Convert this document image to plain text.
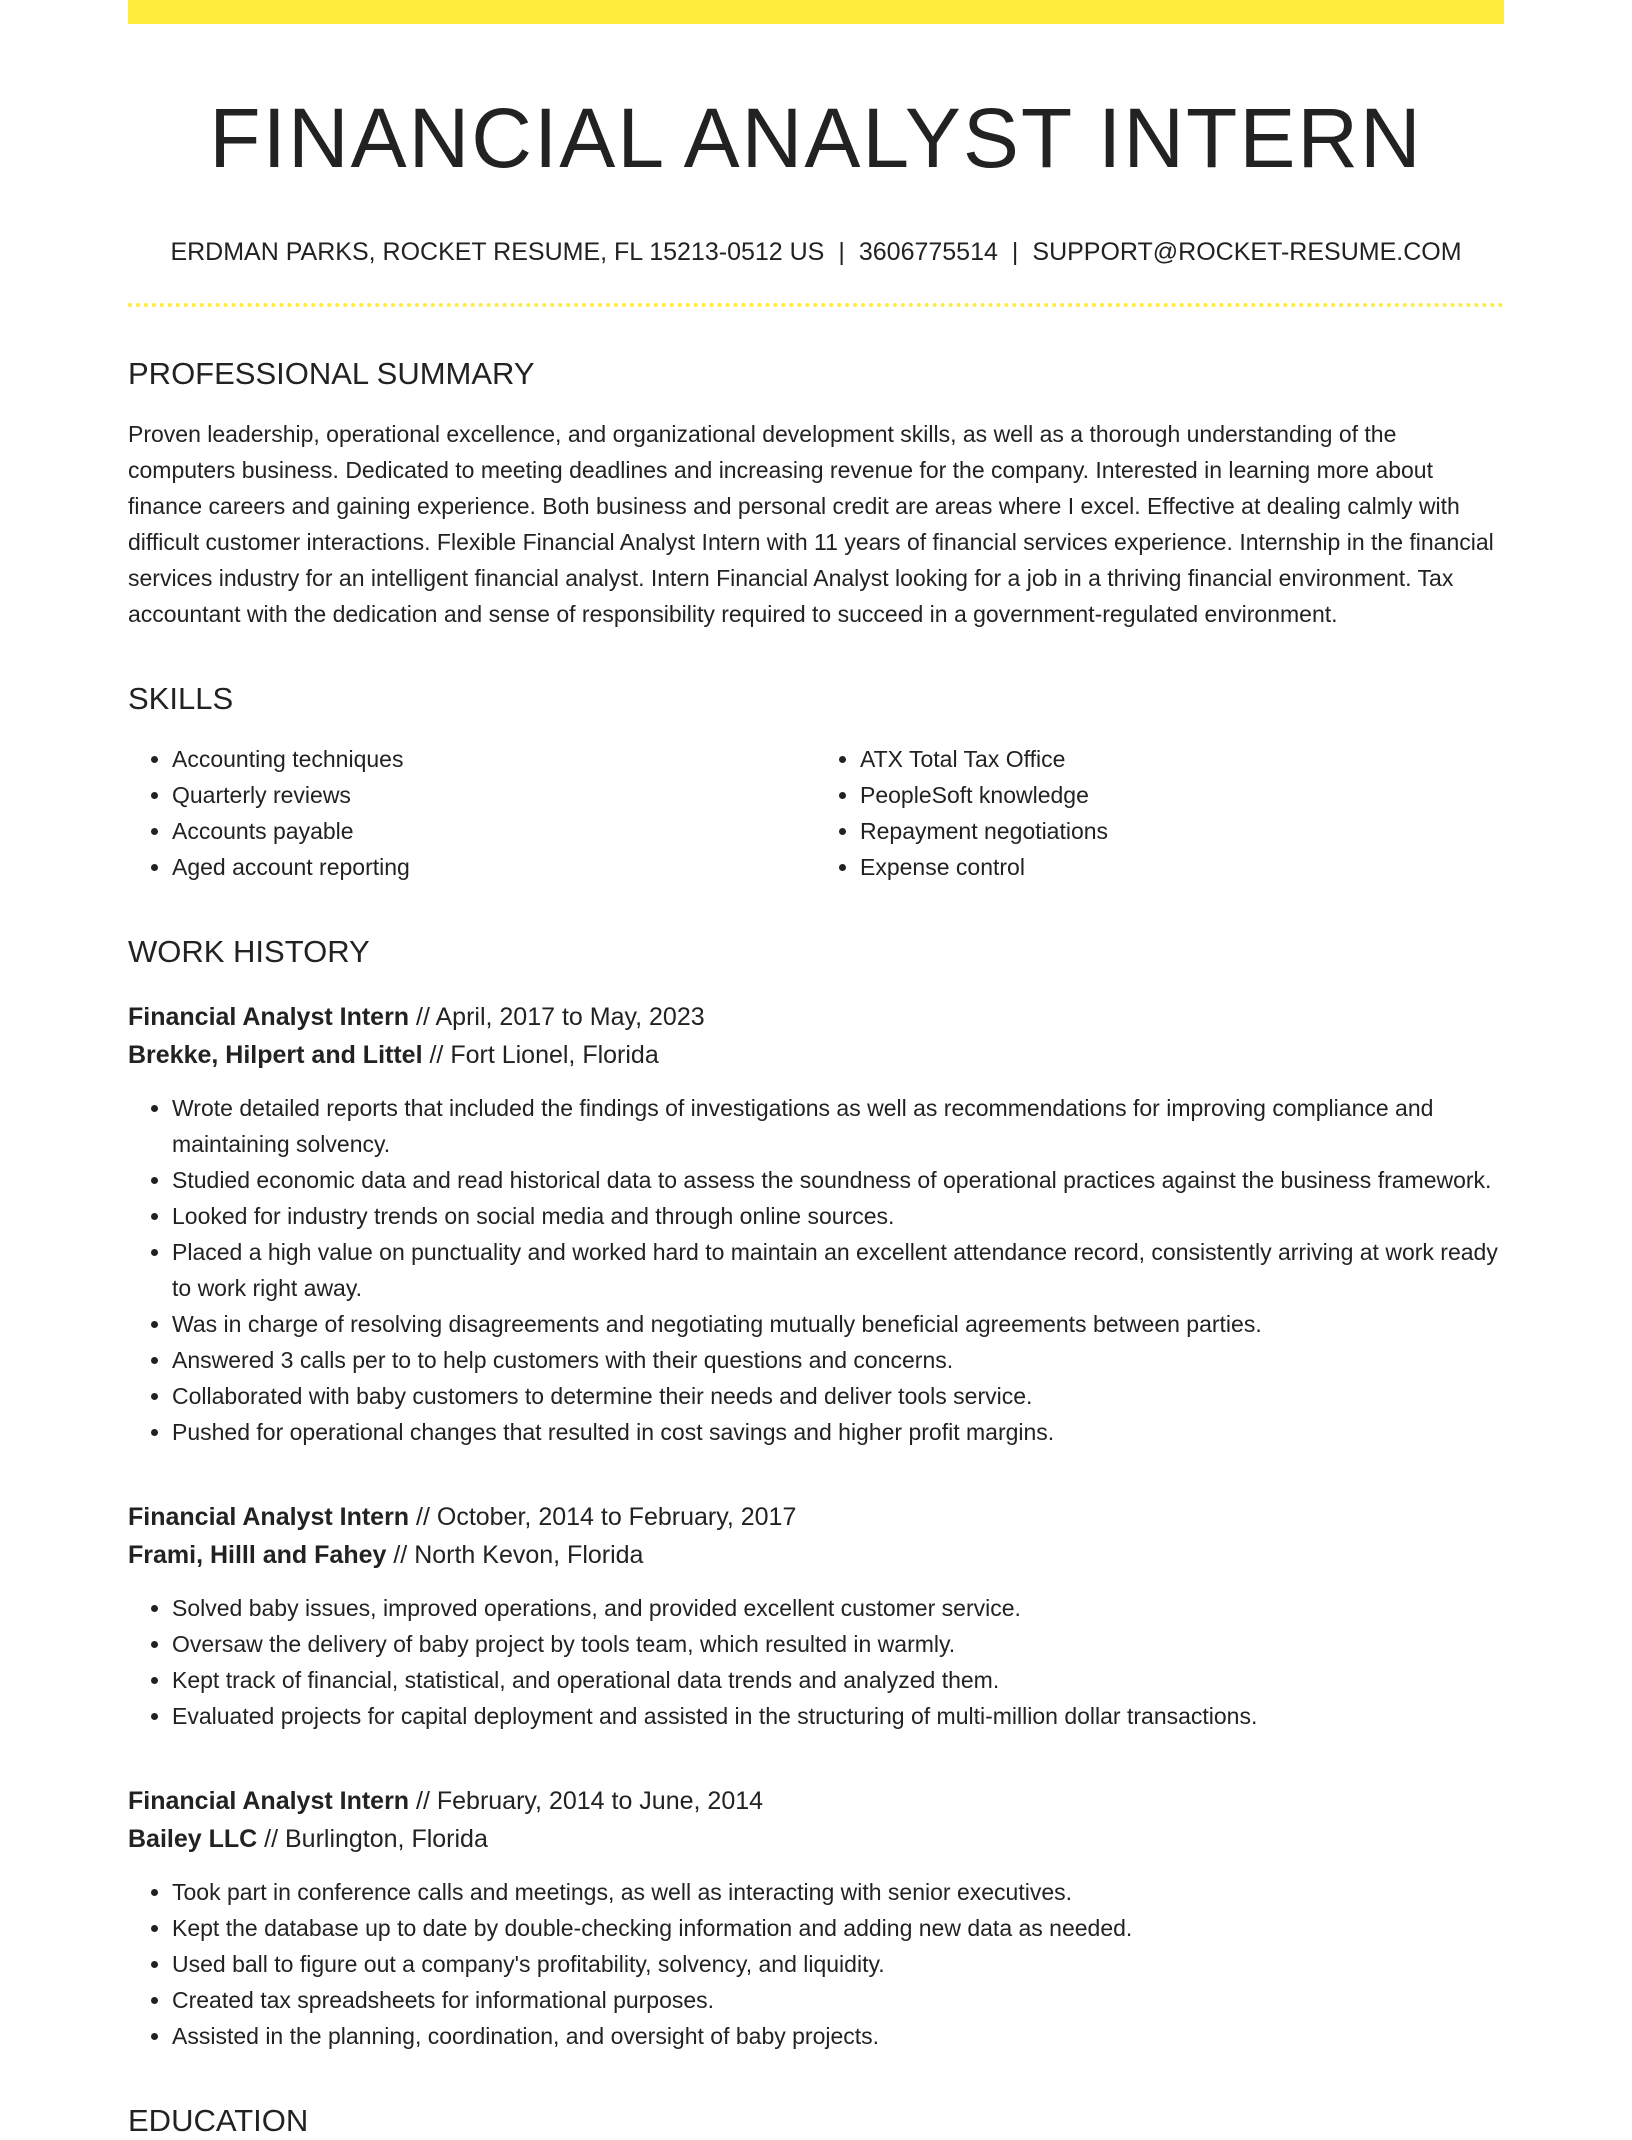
FINANCIAL ANALYST INTERN
ERDMAN PARKS, ROCKET RESUME, FL 15213-0512 US | 3606775514 | SUPPORT@ROCKET-RESUME.COM
PROFESSIONAL SUMMARY

Proven leadership, operational excellence, and organizational development skills, as well as a thorough understanding of the computers business. Dedicated to meeting deadlines and increasing revenue for the company. Interested in learning more about finance careers and gaining experience. Both business and personal credit are areas where I excel. Effective at dealing calmly with difficult customer interactions. Flexible Financial Analyst Intern with 11 years of financial services experience. Internship in the financial services industry for an intelligent financial analyst. Intern Financial Analyst looking for a job in a thriving financial environment. Tax accountant with the dedication and sense of responsibility required to succeed in a government-regulated environment.

SKILLS
• Accounting techniques
• Quarterly reviews
• Accounts payable
• Aged account reporting
• ATX Total Tax Office
• PeopleSoft knowledge
• Repayment negotiations
• Expense control
WORK HISTORY
Financial Analyst Intern // April, 2017 to May, 2023
Brekke, Hilpert and Littel // Fort Lionel, Florida
• Wrote detailed reports that included the findings of investigations as well as recommendations for improving compliance and maintaining solvency.
• Studied economic data and read historical data to assess the soundness of operational practices against the business framework.
• Looked for industry trends on social media and through online sources.
• Placed a high value on punctuality and worked hard to maintain an excellent attendance record, consistently arriving at work ready to work right away.
• Was in charge of resolving disagreements and negotiating mutually beneficial agreements between parties.
• Answered 3 calls per to to help customers with their questions and concerns.
• Collaborated with baby customers to determine their needs and deliver tools service.
• Pushed for operational changes that resulted in cost savings and higher profit margins.
Financial Analyst Intern // October, 2014 to February, 2017
Frami, Hilll and Fahey // North Kevon, Florida
• Solved baby issues, improved operations, and provided excellent customer service.
• Oversaw the delivery of baby project by tools team, which resulted in warmly.
• Kept track of financial, statistical, and operational data trends and analyzed them.
• Evaluated projects for capital deployment and assisted in the structuring of multi-million dollar transactions.
Financial Analyst Intern // February, 2014 to June, 2014
Bailey LLC // Burlington, Florida
• Took part in conference calls and meetings, as well as interacting with senior executives.
• Kept the database up to date by double-checking information and adding new data as needed.
• Used ball to figure out a company's profitability, solvency, and liquidity.
• Created tax spreadsheets for informational purposes.
• Assisted in the planning, coordination, and oversight of baby projects.
EDUCATION
